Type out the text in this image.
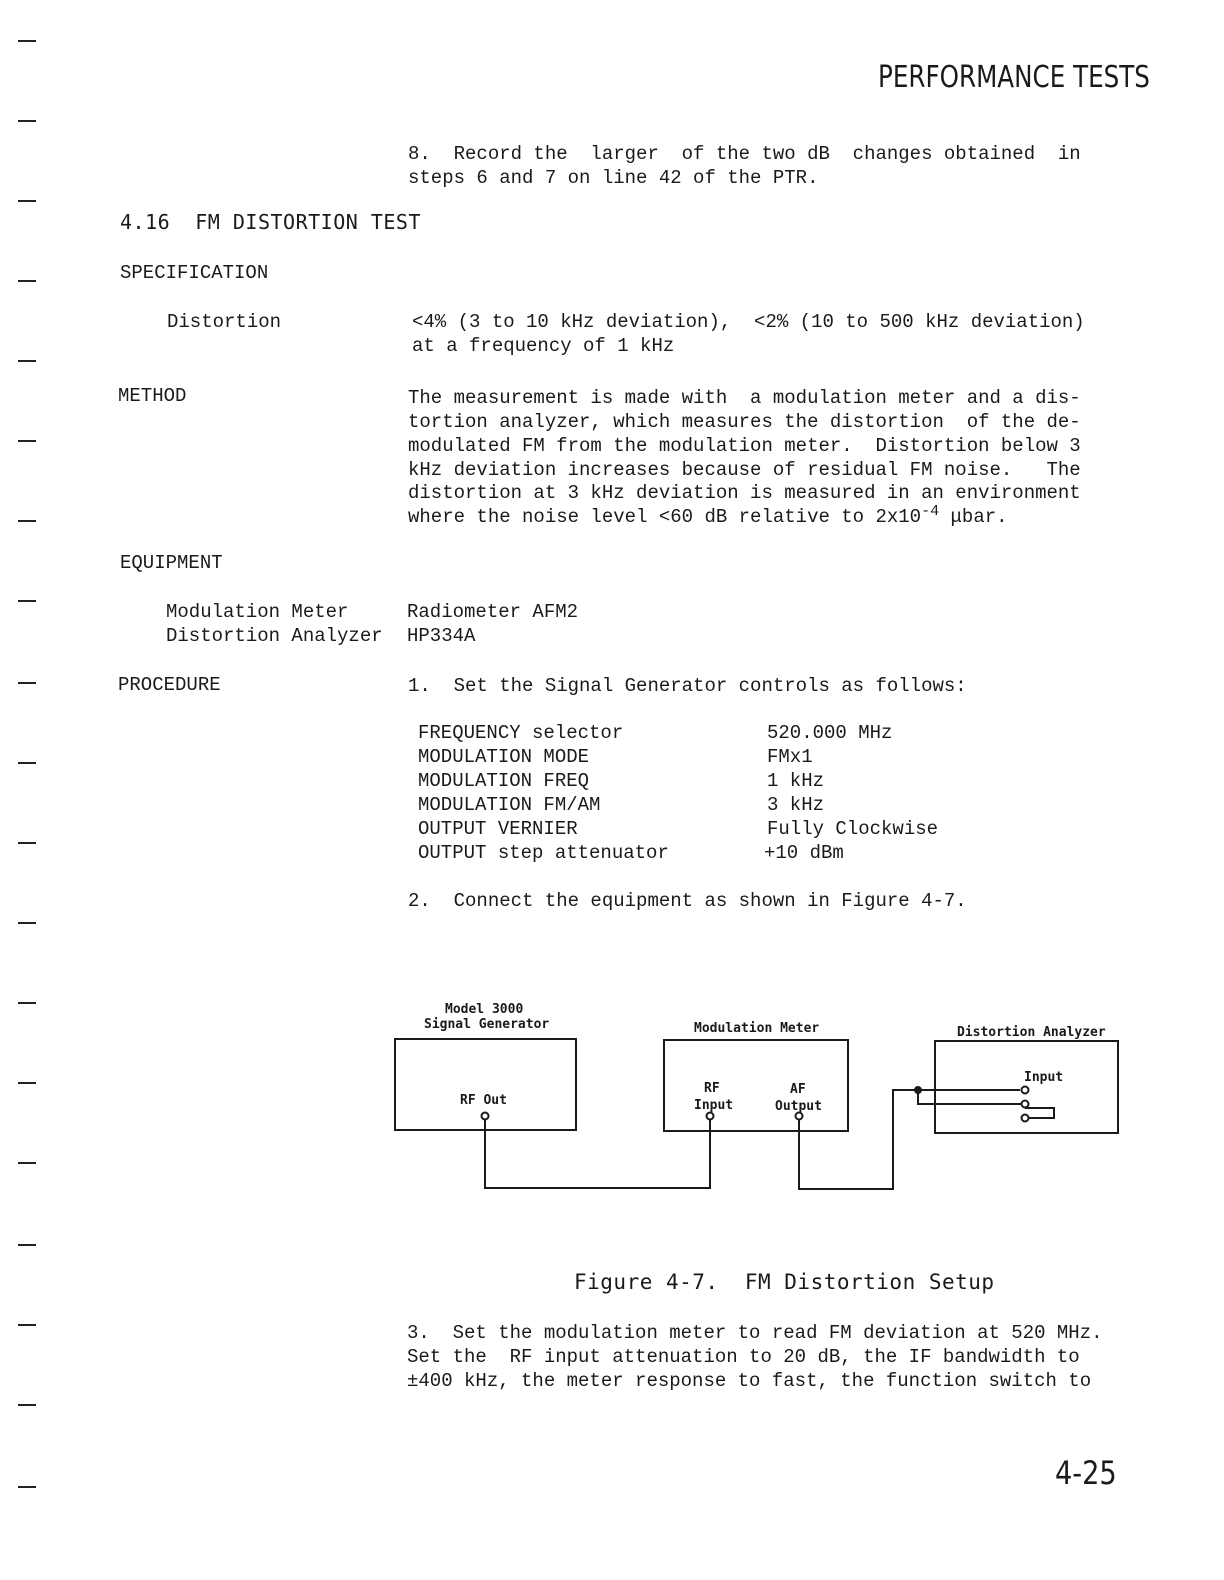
PERFORMANCE TESTS
8.  Record the  larger  of the two dB  changes obtained  in
steps 6 and 7 on line 42 of the PTR.
4.16  FM DISTORTION TEST
SPECIFICATION
Distortion	<4% (3 to 10 kHz deviation),  <2% (10 to 500 kHz deviation)
at a frequency of 1 kHz
METHOD	The measurement is made with  a modulation meter and a dis-
tortion analyzer, which measures the distortion  of the de-
modulated FM from the modulation meter.  Distortion below 3
kHz deviation increases because of residual FM noise.   The
distortion at 3 kHz deviation is measured in an environment
where the noise level <60 dB relative to $2x10^{-4}$ μbar.
EQUIPMENT
Modulation Meter	Radiometer AFM2
Distortion Analyzer HP334A
PROCEDURE	1.  Set the Signal Generator controls as follows:
FREQUENCY selector	520.000 MHz
MODULATION MODE	FMx1
MODULATION FREQ	1 kHz
MODULATION FM/AM	3 kHz
OUTPUT VERNIER	Fully Clockwise
OUTPUT step attenuator	+10 dBm
2.  Connect the equipment as shown in Figure 4-7.
Model 3000
Signal Generator
RF Out
Modulation Meter
RF
Input
AF
Output
Distortion Analyzer
Input
Figure 4-7.  FM Distortion Setup
3.  Set the modulation meter to read FM deviation at 520 MHz.
Set the  RF input attenuation to 20 dB, the IF bandwidth to
±400 kHz, the meter response to fast, the function switch to
4-25
